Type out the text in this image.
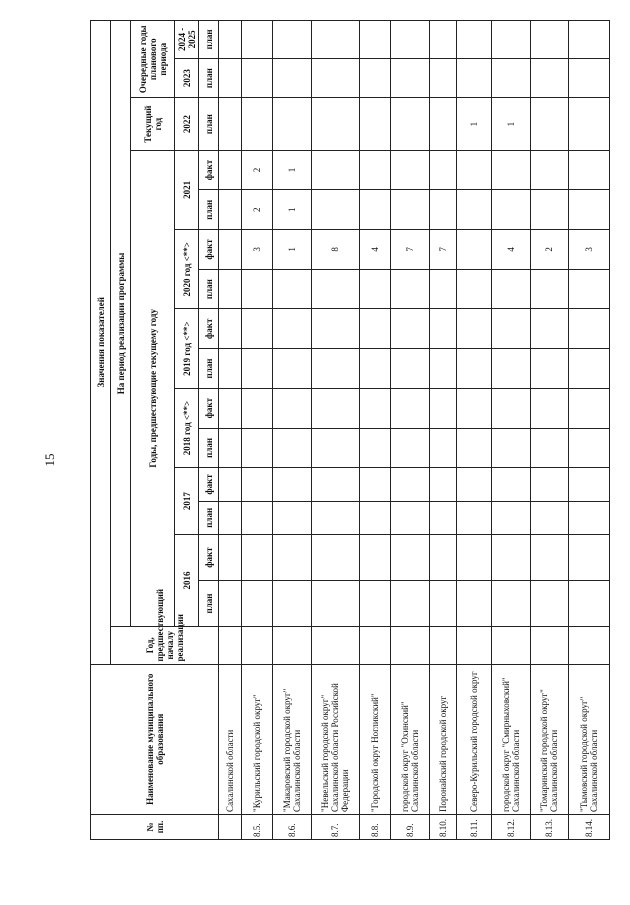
15
№ пп.	Наименование муниципального образования	Значения показателей															
		Год, предшествующий началу реализации	На период реализации программы														
			Годы, предшествующие текущему году												Текущий год	Очередные годы планового периода	
			2016		2017		2018 год <**>		2019 год <**>		2020 год <**>		2021		2022	2023	2024 - 2025
			план	факт	план	факт	план	факт	план	факт	план	факт	план	факт	план	план	план
	Сахалинской области																
8.5.	"Курильский городской округ"											3	2	2			
8.6.	"Макаровский городской округ" Сахалинской области											1	1	1			
8.7.	"Невельский городской округ" Сахалинской области Российской Федерации											8					
8.8.	"Городской округ Ногликский"											4					
8.9.	городской округ "Охинский" Сахалинской области											7					
8.10.	Поронайский городской округ											7					
8.11.	Северо-Курильский городской округ														1		
8.12.	городской округ "Смирныховский" Сахалинской области											4			1		
8.13.	"Томаринский городской округ" Сахалинской области											2					
8.14.	"Тымовский городской округ" Сахалинской области											3					
